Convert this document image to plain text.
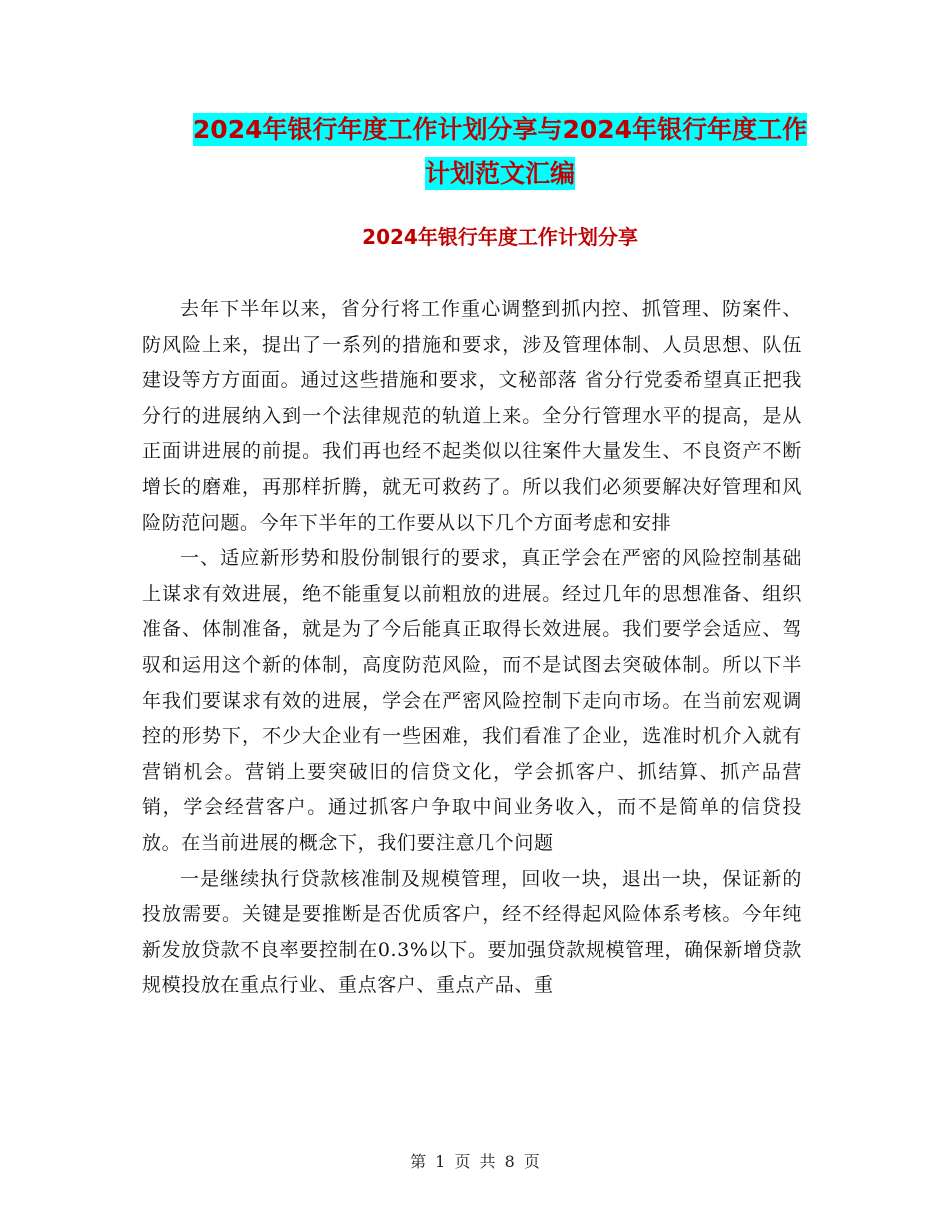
2024年银行年度工作计划分享与2024年银行年度工作
计划范文汇编
2024年银行年度工作计划分享

去年下半年以来，省分行将工作重心调整到抓内控、抓管理、防案件、防风险上来，提出了一系列的措施和要求，涉及管理体制、人员思想、队伍建设等方方面面。通过这些措施和要求，文秘部落 省分行党委希望真正把我分行的进展纳入到一个法律规范的轨道上来。全分行管理水平的提高，是从正面讲进展的前提。我们再也经不起类似以往案件大量发生、不良资产不断增长的磨难，再那样折腾，就无可救药了。所以我们必须要解决好管理和风险防范问题。今年下半年的工作要从以下几个方面考虑和安排

一、适应新形势和股份制银行的要求，真正学会在严密的风险控制基础上谋求有效进展，绝不能重复以前粗放的进展。经过几年的思想准备、组织准备、体制准备，就是为了今后能真正取得长效进展。我们要学会适应、驾驭和运用这个新的体制，高度防范风险，而不是试图去突破体制。所以下半年我们要谋求有效的进展，学会在严密风险控制下走向市场。在当前宏观调控的形势下，不少大企业有一些困难，我们看准了企业，选准时机介入就有营销机会。营销上要突破旧的信贷文化，学会抓客户、抓结算、抓产品营销，学会经营客户。通过抓客户争取中间业务收入，而不是简单的信贷投放。在当前进展的概念下，我们要注意几个问题

一是继续执行贷款核准制及规模管理，回收一块，退出一块，保证新的投放需要。关键是要推断是否优质客户，经不经得起风险体系考核。今年纯新发放贷款不良率要控制在0.3%以下。要加强贷款规模管理，确保新增贷款规模投放在重点行业、重点客户、重点产品、重

第 1 页 共 8 页
